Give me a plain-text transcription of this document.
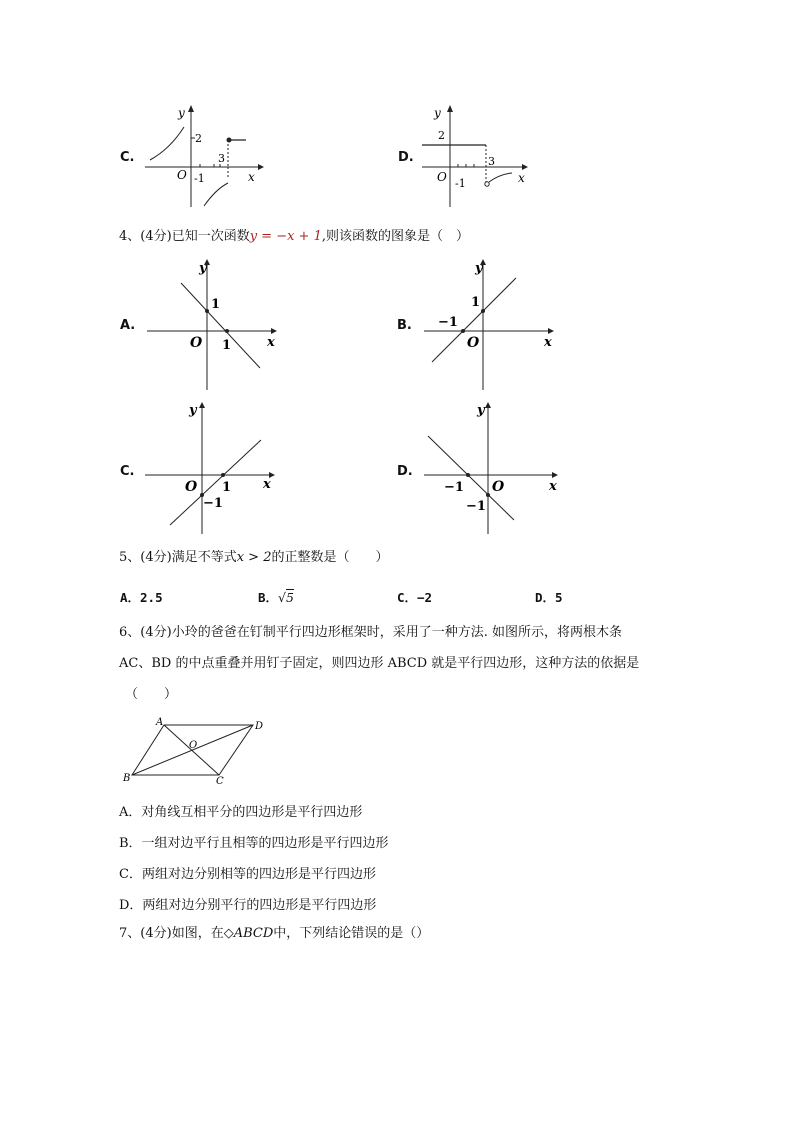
C.
y
x
O
2
3
-1
D.
y
x
O
2
3
-1
4、(4分)已知一次函数y = −x + 1,则该函数的图象是（　）
A.
y
x
O
1
1
B.
y
x
O
1
−1
C.
y
x
O 1
−1
D.
y
x
O
−1
−1
5、(4分)满足不等式x > 2的正整数是（　　）
A．2.5	B．√5	C．−2	D．5
6、(4分)小玲的爸爸在钉制平行四边形框架时，采用了一种方法. 如图所示，将两根木条
AC、BD 的中点重叠并用钉子固定，则四边形 ABCD 就是平行四边形，这种方法的依据是
（　　）
A
B	C
D
O
A．对角线互相平分的四边形是平行四边形
B．一组对边平行且相等的四边形是平行四边形
C．两组对边分别相等的四边形是平行四边形
D．两组对边分别平行的四边形是平行四边形
7、(4分)如图，在◇ABCD中，下列结论错误的是（）
